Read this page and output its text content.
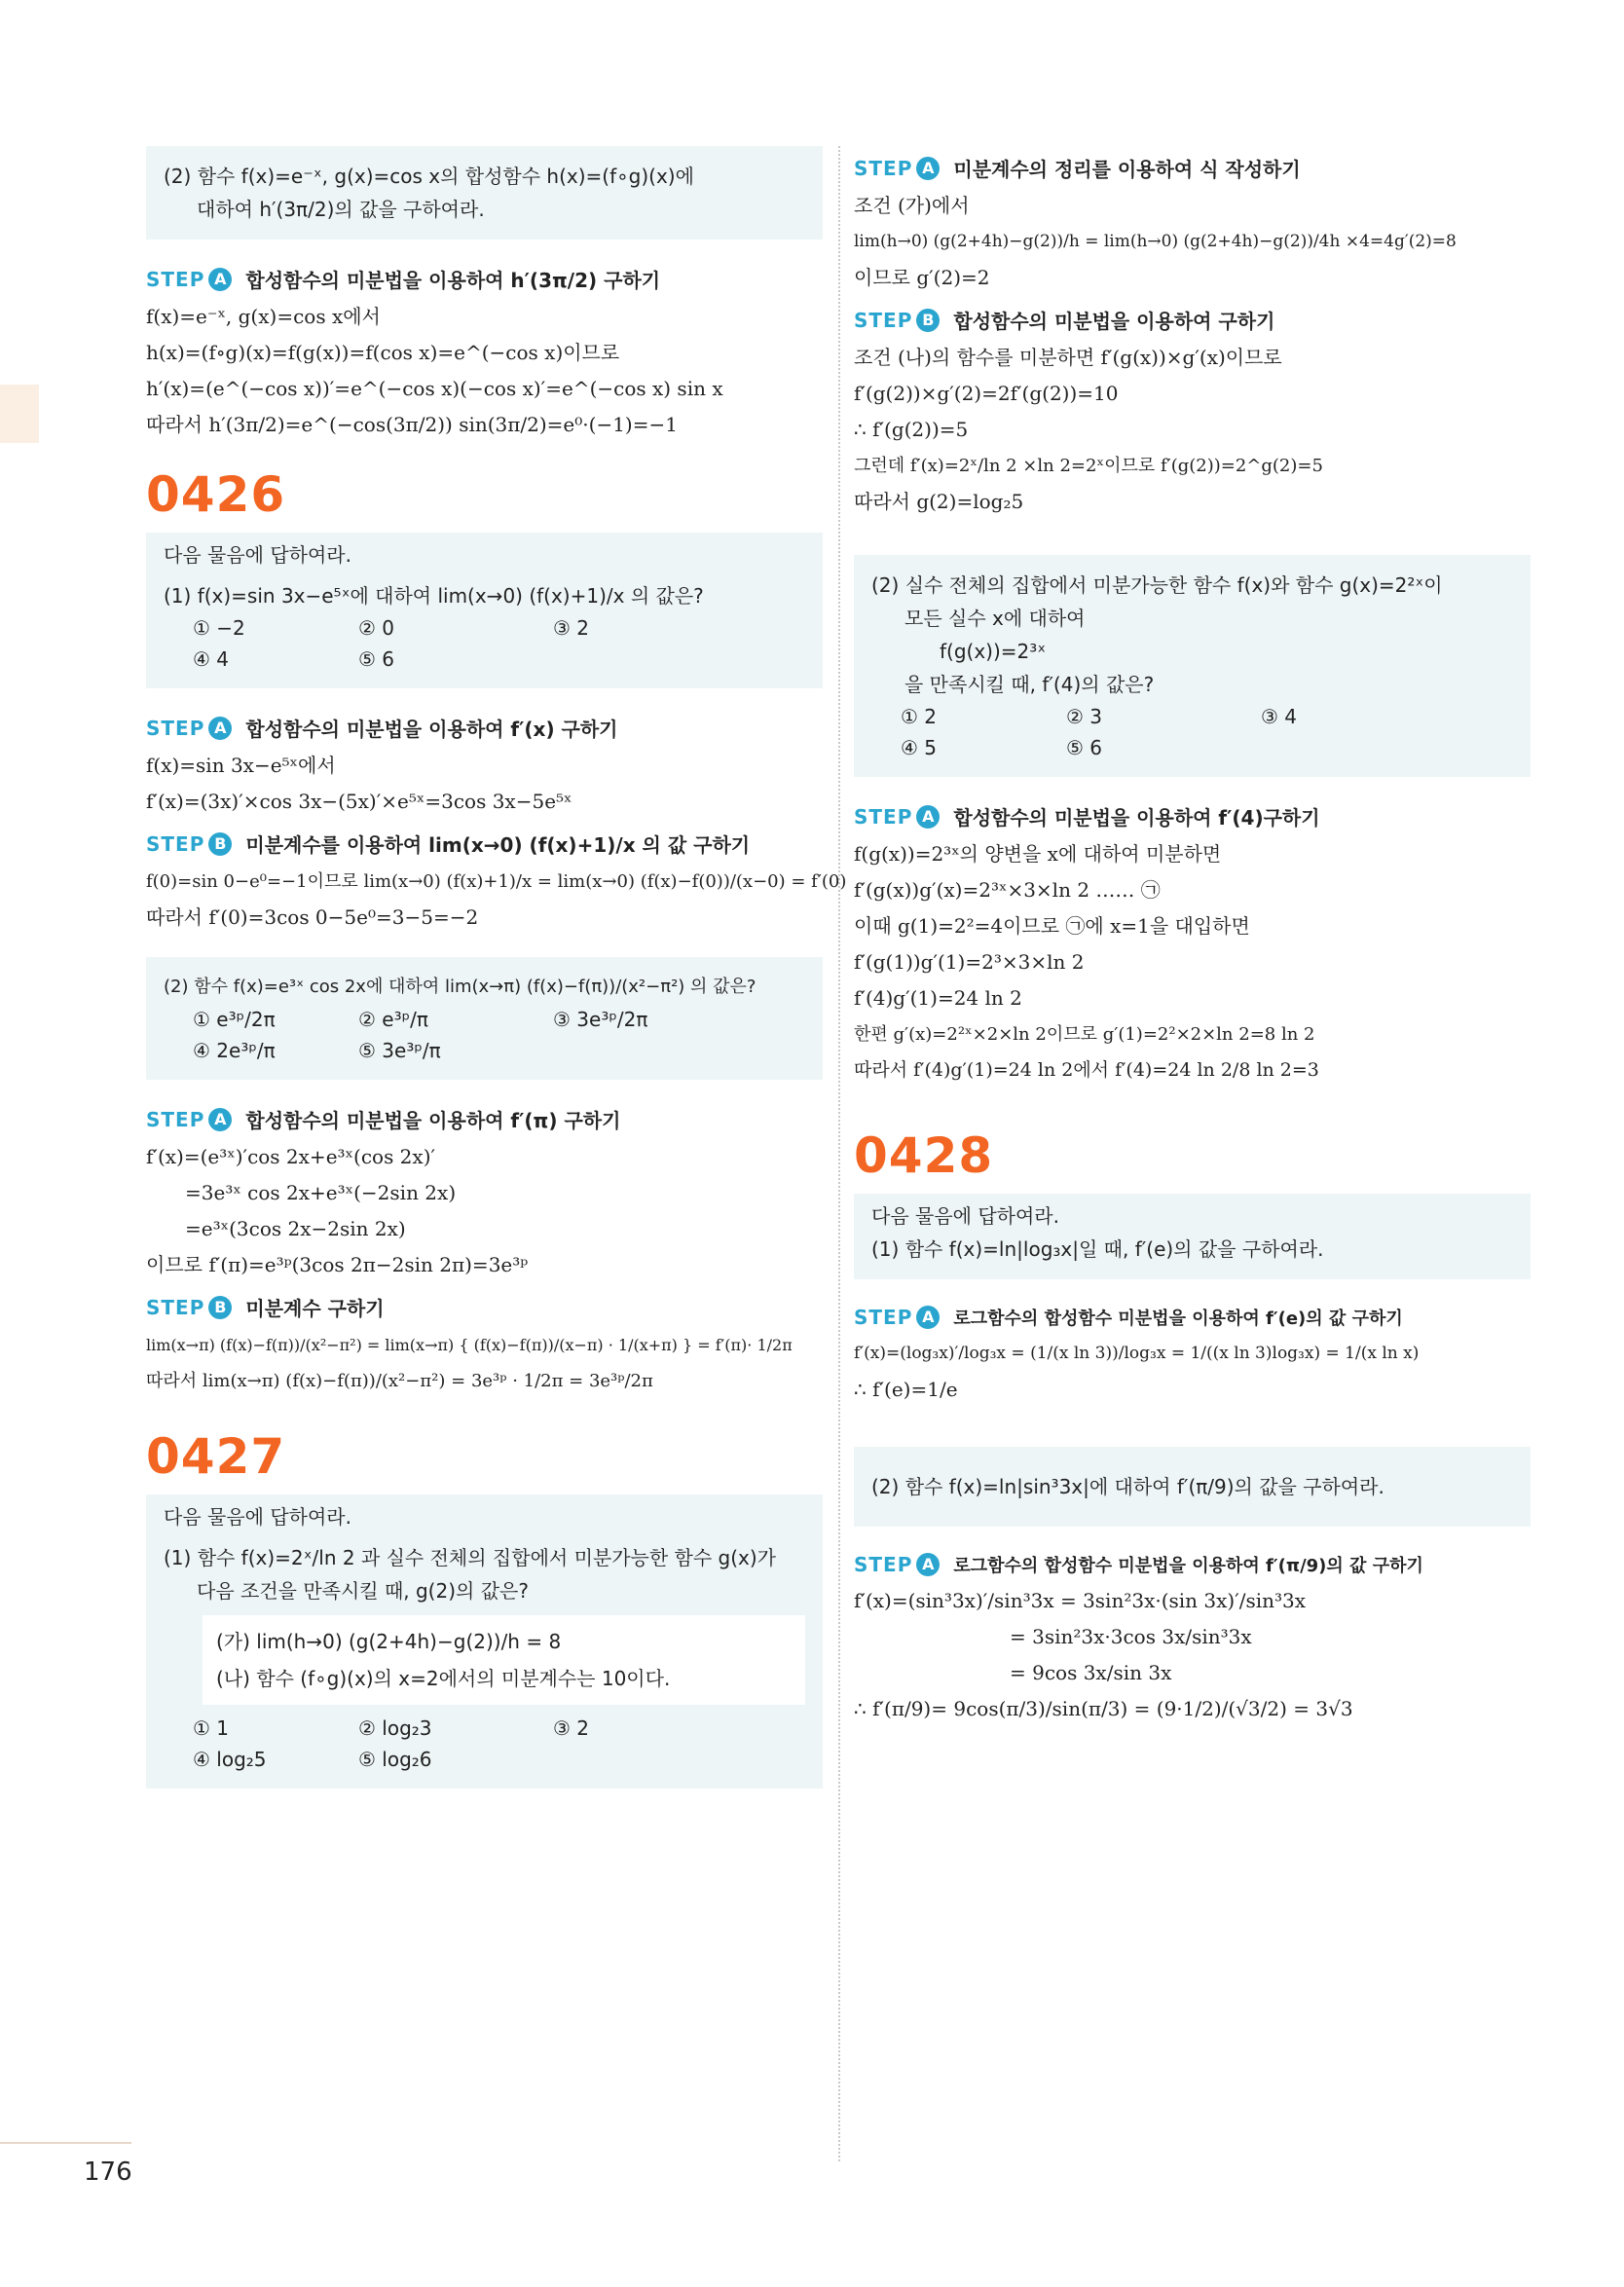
(2) 함수 f(x)=e⁻ˣ, g(x)=cos x의 합성함수 h(x)=(f∘g)(x)에

대하여 h′(3π/2)의 값을 구하여라.

STEP A 합성함수의 미분법을 이용하여 h′(3π/2) 구하기

f(x)=e⁻ˣ, g(x)=cos x에서

h(x)=(f∘g)(x)=f(g(x))=f(cos x)=e^(−cos x)이므로

h′(x)=(e^(−cos x))′=e^(−cos x)(−cos x)′=e^(−cos x) sin x

따라서 h′(3π/2)=e^(−cos(3π/2)) sin(3π/2)=e⁰·(−1)=−1

0426

다음 물음에 답하여라.

(1) f(x)=sin 3x−e⁵ˣ에 대하여 lim(x→0) (f(x)+1)/x 의 값은?

① −2	② 0	③ 2
④ 4	⑤ 6
STEP A 합성함수의 미분법을 이용하여 f′(x) 구하기

f(x)=sin 3x−e⁵ˣ에서

f′(x)=(3x)′×cos 3x−(5x)′×e⁵ˣ=3cos 3x−5e⁵ˣ

STEP B 미분계수를 이용하여 lim(x→0) (f(x)+1)/x 의 값 구하기

f(0)=sin 0−e⁰=−1이므로 lim(x→0) (f(x)+1)/x = lim(x→0) (f(x)−f(0))/(x−0) = f′(0)

따라서 f′(0)=3cos 0−5e⁰=3−5=−2

(2) 함수 f(x)=e³ˣ cos 2x에 대하여 lim(x→π) (f(x)−f(π))/(x²−π²) 의 값은?

① e³ᵖ/2π	② e³ᵖ/π	③ 3e³ᵖ/2π
④ 2e³ᵖ/π	⑤ 3e³ᵖ/π
STEP A 합성함수의 미분법을 이용하여 f′(π) 구하기

f′(x)=(e³ˣ)′cos 2x+e³ˣ(cos 2x)′

=3e³ˣ cos 2x+e³ˣ(−2sin 2x)

=e³ˣ(3cos 2x−2sin 2x)

이므로 f′(π)=e³ᵖ(3cos 2π−2sin 2π)=3e³ᵖ

STEP B 미분계수 구하기

lim(x→π) (f(x)−f(π))/(x²−π²) = lim(x→π) { (f(x)−f(π))/(x−π) · 1/(x+π) } = f′(π)· 1/2π

따라서 lim(x→π) (f(x)−f(π))/(x²−π²) = 3e³ᵖ · 1/2π = 3e³ᵖ/2π

0427

다음 물음에 답하여라.

(1) 함수 f(x)=2ˣ/ln 2 과 실수 전체의 집합에서 미분가능한 함수 g(x)가

다음 조건을 만족시킬 때, g(2)의 값은?

(가) lim(h→0) (g(2+4h)−g(2))/h = 8
(나) 함수 (f∘g)(x)의 x=2에서의 미분계수는 10이다.
① 1	② log₂3	③ 2
④ log₂5	⑤ log₂6
STEP A 미분계수의 정리를 이용하여 식 작성하기

조건 (가)에서

lim(h→0) (g(2+4h)−g(2))/h = lim(h→0) (g(2+4h)−g(2))/4h ×4=4g′(2)=8

이므로 g′(2)=2

STEP B 합성함수의 미분법을 이용하여 구하기

조건 (나)의 함수를 미분하면 f′(g(x))×g′(x)이므로

f′(g(2))×g′(2)=2f′(g(2))=10

∴ f′(g(2))=5

그런데 f′(x)=2ˣ/ln 2 ×ln 2=2ˣ이므로 f′(g(2))=2^g(2)=5

따라서 g(2)=log₂5

(2) 실수 전체의 집합에서 미분가능한 함수 f(x)와 함수 g(x)=2²ˣ이

모든 실수 x에 대하여

f(g(x))=2³ˣ

을 만족시킬 때, f′(4)의 값은?

① 2	② 3	③ 4
④ 5	⑤ 6
STEP A 합성함수의 미분법을 이용하여 f′(4)구하기

f(g(x))=2³ˣ의 양변을 x에 대하여 미분하면

f′(g(x))g′(x)=2³ˣ×3×ln 2 …… ㉠

이때 g(1)=2²=4이므로 ㉠에 x=1을 대입하면

f′(g(1))g′(1)=2³×3×ln 2

f′(4)g′(1)=24 ln 2

한편 g′(x)=2²ˣ×2×ln 2이므로 g′(1)=2²×2×ln 2=8 ln 2

따라서 f′(4)g′(1)=24 ln 2에서 f′(4)=24 ln 2/8 ln 2=3

0428

다음 물음에 답하여라.

(1) 함수 f(x)=ln|log₃x|일 때, f′(e)의 값을 구하여라.

STEP A	로그함수의 합성함수 미분법을 이용하여 f′(e)의 값 구하기

f′(x)=(log₃x)′/log₃x = (1/(x ln 3))/log₃x = 1/((x ln 3)log₃x) = 1/(x ln x)

∴ f′(e)=1/e

(2) 함수 f(x)=ln|sin³3x|에 대하여 f′(π/9)의 값을 구하여라.

STEP A	로그함수의 합성함수 미분법을 이용하여 f′(π/9)의 값 구하기

f′(x)=(sin³3x)′/sin³3x = 3sin²3x·(sin 3x)′/sin³3x

= 3sin²3x·3cos 3x/sin³3x

= 9cos 3x/sin 3x

∴ f′(π/9)= 9cos(π/3)/sin(π/3) = (9·1/2)/(√3/2) = 3√3

176
